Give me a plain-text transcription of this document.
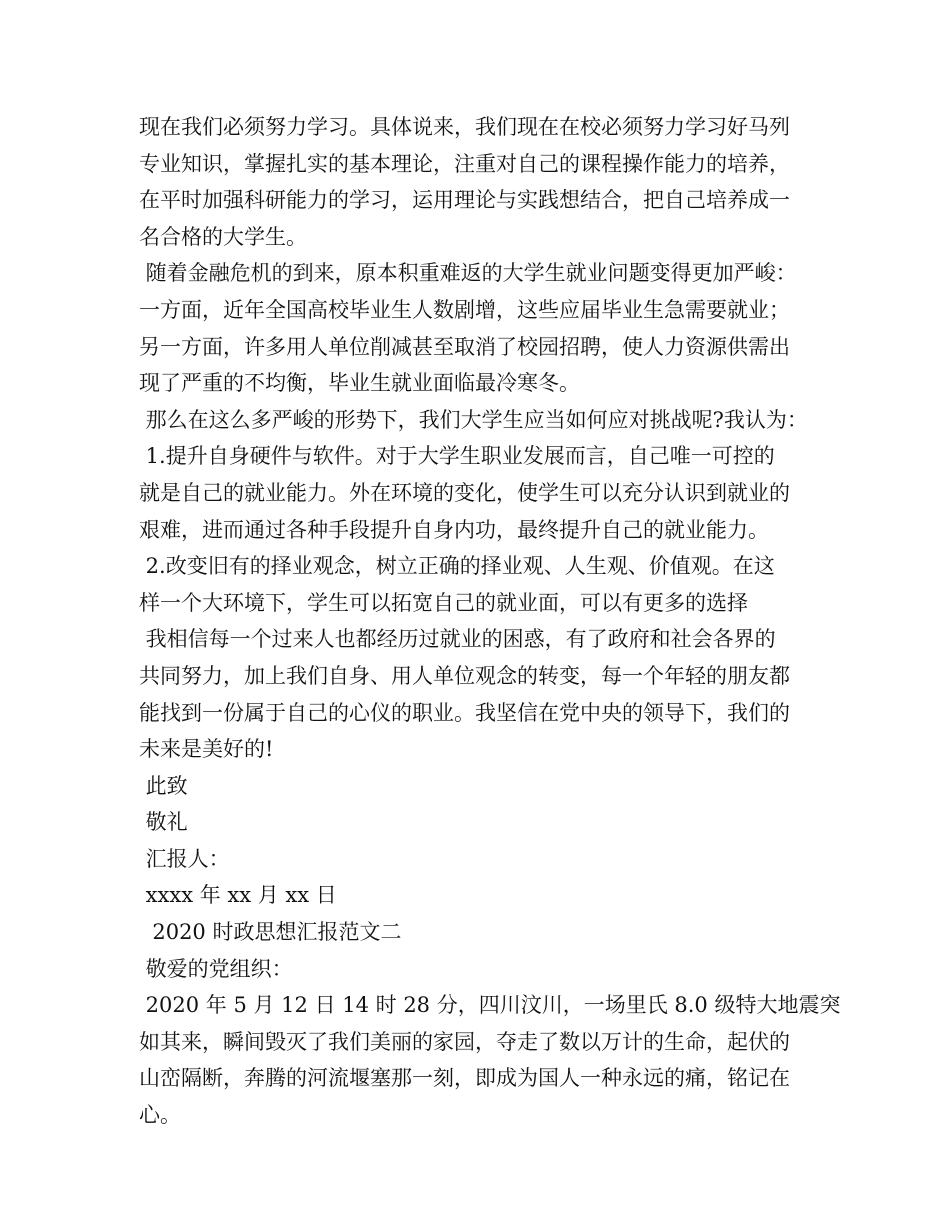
现在我们必须努力学习。具体说来，我们现在在校必须努力学习好马列
专业知识，掌握扎实的基本理论，注重对自己的课程操作能力的培养，
在平时加强科研能力的学习，运用理论与实践想结合，把自己培养成一
名合格的大学生。
随着金融危机的到来，原本积重难返的大学生就业问题变得更加严峻：
一方面，近年全国高校毕业生人数剧增，这些应届毕业生急需要就业；
另一方面，许多用人单位削减甚至取消了校园招聘，使人力资源供需出
现了严重的不均衡，毕业生就业面临最冷寒冬。
那么在这么多严峻的形势下，我们大学生应当如何应对挑战呢?我认为：
1.提升自身硬件与软件。对于大学生职业发展而言，自己唯一可控的
就是自己的就业能力。外在环境的变化，使学生可以充分认识到就业的
艰难，进而通过各种手段提升自身内功，最终提升自己的就业能力。
2.改变旧有的择业观念，树立正确的择业观、人生观、价值观。在这
样一个大环境下，学生可以拓宽自己的就业面，可以有更多的选择
我相信每一个过来人也都经历过就业的困惑，有了政府和社会各界的
共同努力，加上我们自身、用人单位观念的转变，每一个年轻的朋友都
能找到一份属于自己的心仪的职业。我坚信在党中央的领导下，我们的
未来是美好的!
此致
敬礼
汇报人：
xxxx 年 xx 月 xx 日
2020 时政思想汇报范文二
敬爱的党组织：
2020 年 5 月 12 日 14 时 28 分，四川汶川，一场里氏 8.0 级特大地震突
如其来，瞬间毁灭了我们美丽的家园，夺走了数以万计的生命，起伏的
山峦隔断，奔腾的河流堰塞那一刻，即成为国人一种永远的痛，铭记在
心。
